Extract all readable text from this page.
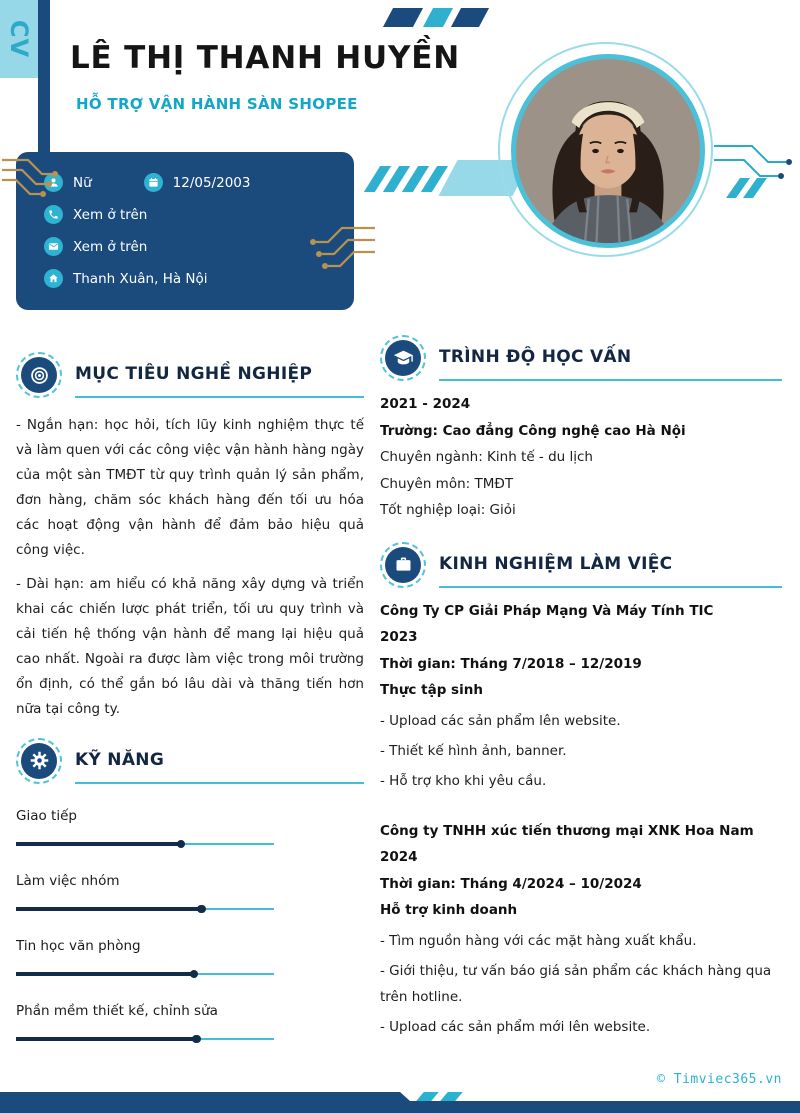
CV LÊ THỊ THANH HUYỀN
HỖ TRỢ VẬN HÀNH SÀN SHOPEE
Nữ	12/05/2003
Xem ở trên
Xem ở trên
Thanh Xuân, Hà Nội
MỤC TIÊU NGHỀ NGHIỆP

- Ngắn hạn: học hỏi, tích lũy kinh nghiệm thực tế và làm quen với các công việc vận hành hàng ngày của một sàn TMĐT từ quy trình quản lý sản phẩm, đơn hàng, chăm sóc khách hàng đến tối ưu hóa các hoạt động vận hành để đảm bảo hiệu quả công việc.

- Dài hạn: am hiểu có khả năng xây dựng và triển khai các chiến lược phát triển, tối ưu quy trình và cải tiến hệ thống vận hành để mang lại hiệu quả cao nhất. Ngoài ra được làm việc trong môi trường ổn định, có thể gắn bó lâu dài và thăng tiến hơn nữa tại công ty.

KỸ NĂNG
Giao tiếp
Làm việc nhóm
Tin học văn phòng
Phần mềm thiết kế, chỉnh sửa
TRÌNH ĐỘ HỌC VẤN

2021 - 2024

Trường: Cao đẳng Công nghệ cao Hà Nội

Chuyên ngành: Kinh tế - du lịch

Chuyên môn: TMĐT

Tốt nghiệp loại: Giỏi

KINH NGHIỆM LÀM VIỆC

Công Ty CP Giải Pháp Mạng Và Máy Tính TIC

2023

Thời gian: Tháng 7/2018 – 12/2019

Thực tập sinh

- Upload các sản phẩm lên website.

- Thiết kế hình ảnh, banner.

- Hỗ trợ kho khi yêu cầu.

Công ty TNHH xúc tiến thương mại XNK Hoa Nam

2024

Thời gian: Tháng 4/2024 – 10/2024

Hỗ trợ kinh doanh

- Tìm nguồn hàng với các mặt hàng xuất khẩu.

- Giới thiệu, tư vấn báo giá sản phẩm các khách hàng qua trên hotline.

- Upload các sản phẩm mới lên website.

© Timviec365.vn
